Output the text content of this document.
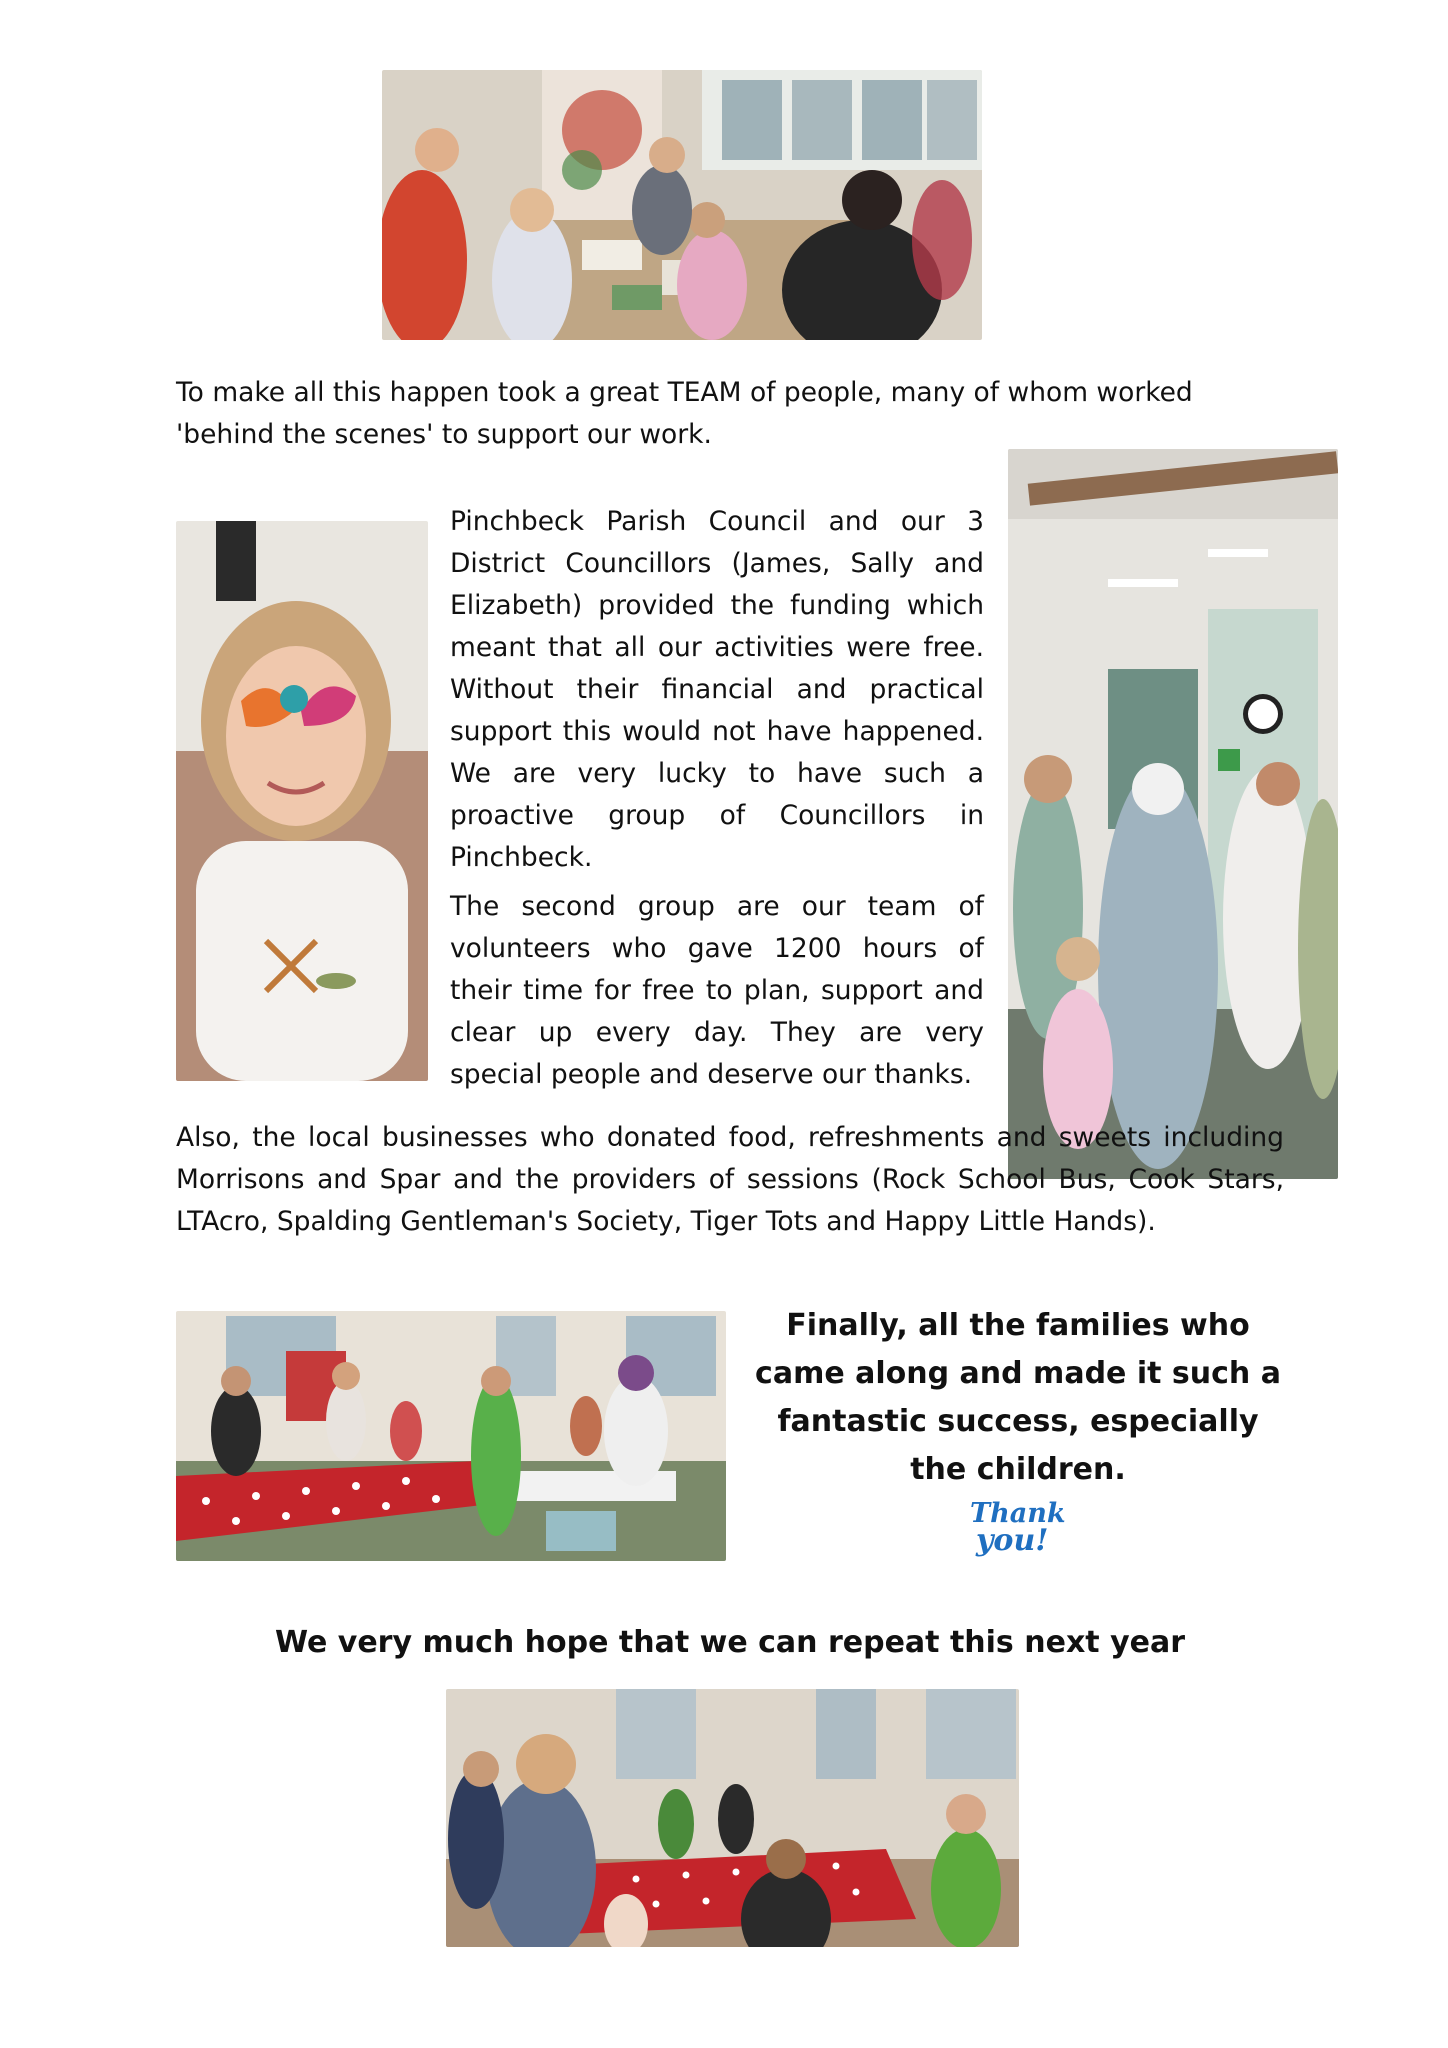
To make all this happen took a great TEAM of people, many of whom worked 'behind the scenes' to support our work.
Pinchbeck Parish Council and our 3 District Councillors (James, Sally and Elizabeth) provided the funding which meant that all our activities were free. Without their financial and practical support this would not have happened. We are very lucky to have such a proactive group of Councillors in Pinchbeck.
The second group are our team of volunteers who gave 1200 hours of their time for free to plan, support and clear up every day. They are very special people and deserve our thanks.
Also, the local businesses who donated food, refreshments and sweets including Morrisons and Spar and the providers of sessions (Rock School Bus, Cook Stars, LTAcro, Spalding Gentleman's Society, Tiger Tots and Happy Little Hands).
Finally, all the families who came along and made it such a fantastic success, especially the children.
Thank
you!
We very much hope that we can repeat this next year
